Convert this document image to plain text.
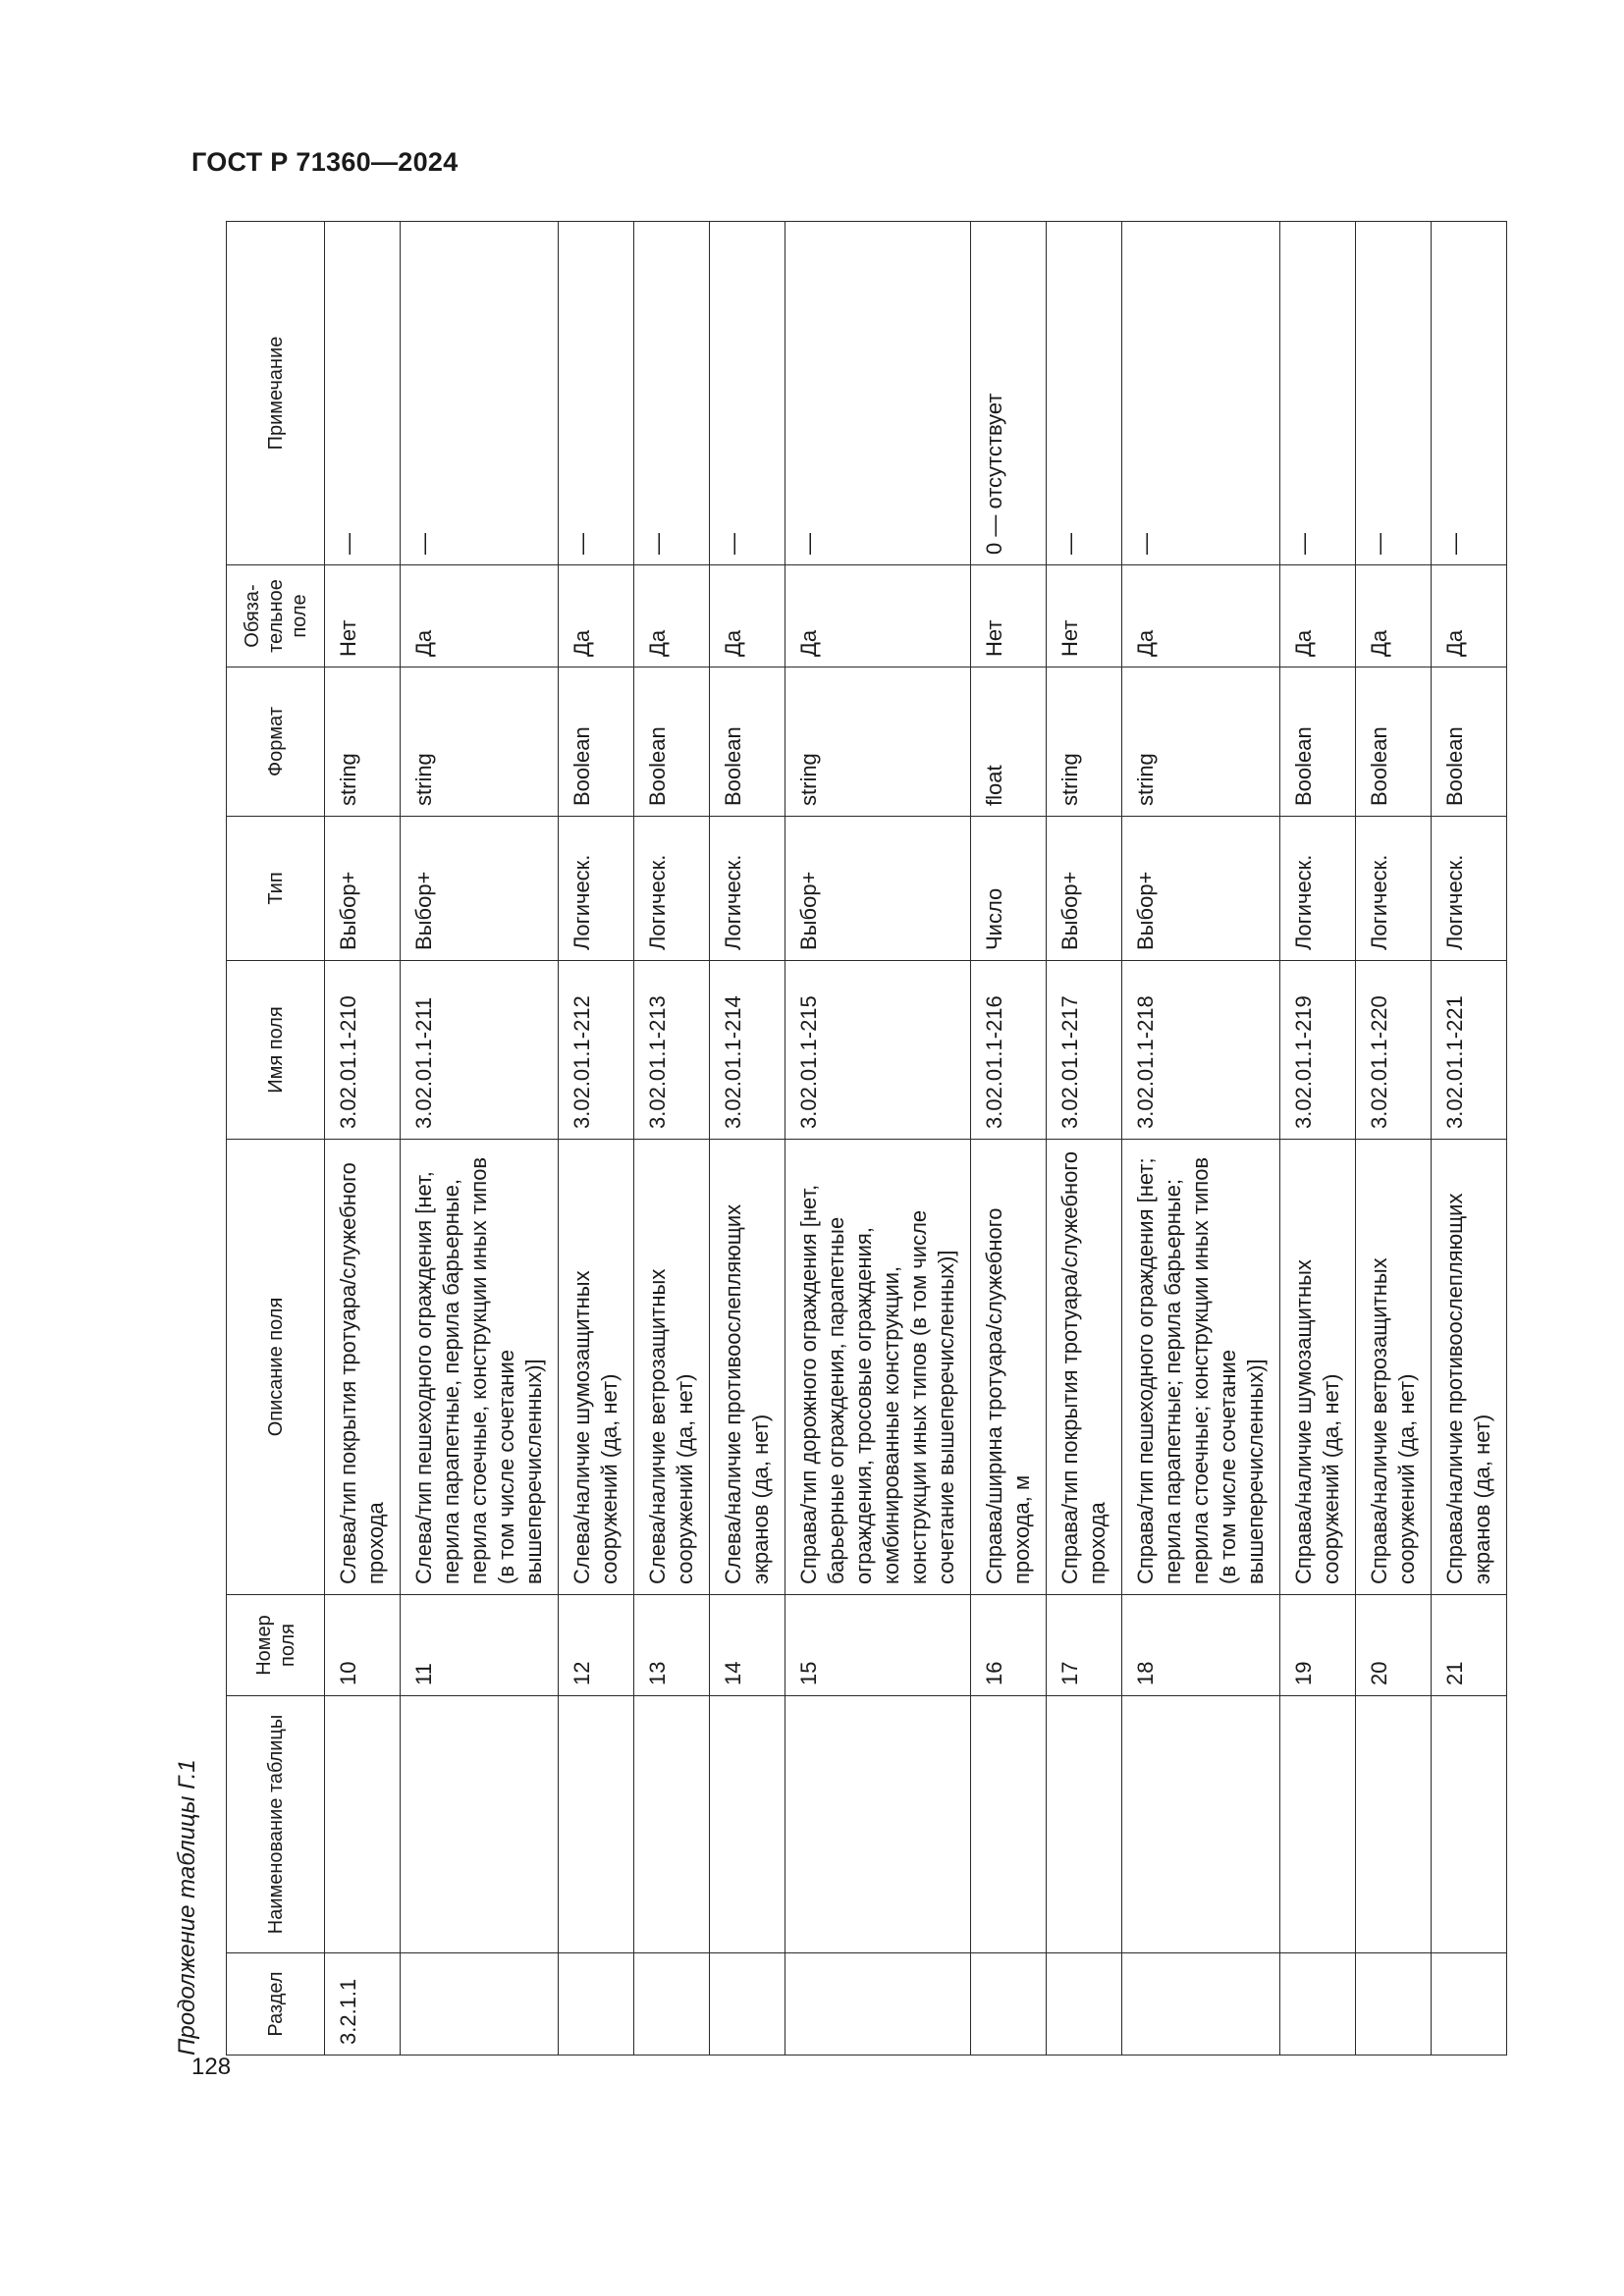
ГОСТ Р 71360—2024
128
Продолжение таблицы Г.1	Раздел	Наименование таблицы	Номер поля	Описание поля	Имя поля	Тип	Формат	Обяза-тельное поле	Примечание
3.2.1.1		10	Слева/тип покрытия тротуара/служебного прохода	3.02.01.1-210	Выбор+	string	Нет	—
		11	Слева/тип пешеходного ограждения [нет, перила парапетные, перила барьерные, перила стоечные, конструкции иных типов (в том числе сочетание вышеперечисленных)]	3.02.01.1-211	Выбор+	string	Да	—
		12	Слева/наличие шумозащитных сооружений (да, нет)	3.02.01.1-212	Логическ.	Boolean	Да	—
		13	Слева/наличие ветрозащитных сооружений (да, нет)	3.02.01.1-213	Логическ.	Boolean	Да	—
		14	Слева/наличие противоослепляющих экранов (да, нет)	3.02.01.1-214	Логическ.	Boolean	Да	—
		15	Справа/тип дорожного ограждения [нет, барьерные ограждения, парапетные ограждения, тросовые ограждения, комбинированные конструкции, конструкции иных типов (в том числе сочетание вышеперечисленных)]	3.02.01.1-215	Выбор+	string	Да	—
		16	Справа/ширина тротуара/служебного прохода, м	3.02.01.1-216	Число	float	Нет	0 — отсутствует
		17	Справа/тип покрытия тротуара/служебного прохода	3.02.01.1-217	Выбор+	string	Нет	—
		18	Справа/тип пешеходного ограждения [нет; перила парапетные; перила барьерные; перила стоечные; конструкции иных типов (в том числе сочетание вышеперечисленных)]	3.02.01.1-218	Выбор+	string	Да	—
		19	Справа/наличие шумозащитных сооружений (да, нет)	3.02.01.1-219	Логическ.	Boolean	Да	—
		20	Справа/наличие ветрозащитных сооружений (да, нет)	3.02.01.1-220	Логическ.	Boolean	Да	—
		21	Справа/наличие противоослепляющих экранов (да, нет)	3.02.01.1-221	Логическ.	Boolean	Да	—
